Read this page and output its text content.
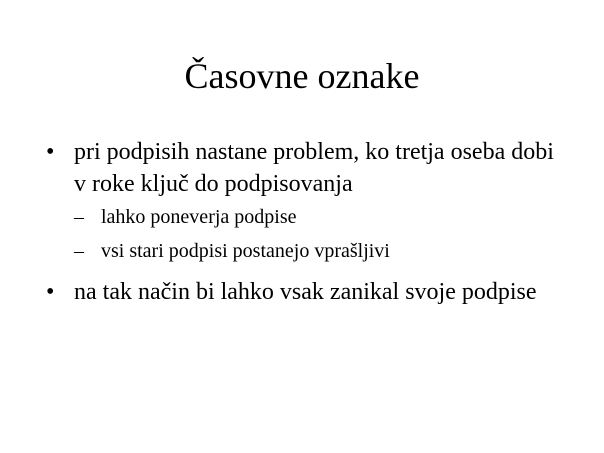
Časovne oznake
• pri podpisih nastane problem, ko tretja oseba dobi v roke ključ do podpisovanja
– lahko poneverja podpise
– vsi stari podpisi postanejo vprašljivi
• na tak način bi lahko vsak zanikal svoje podpise
